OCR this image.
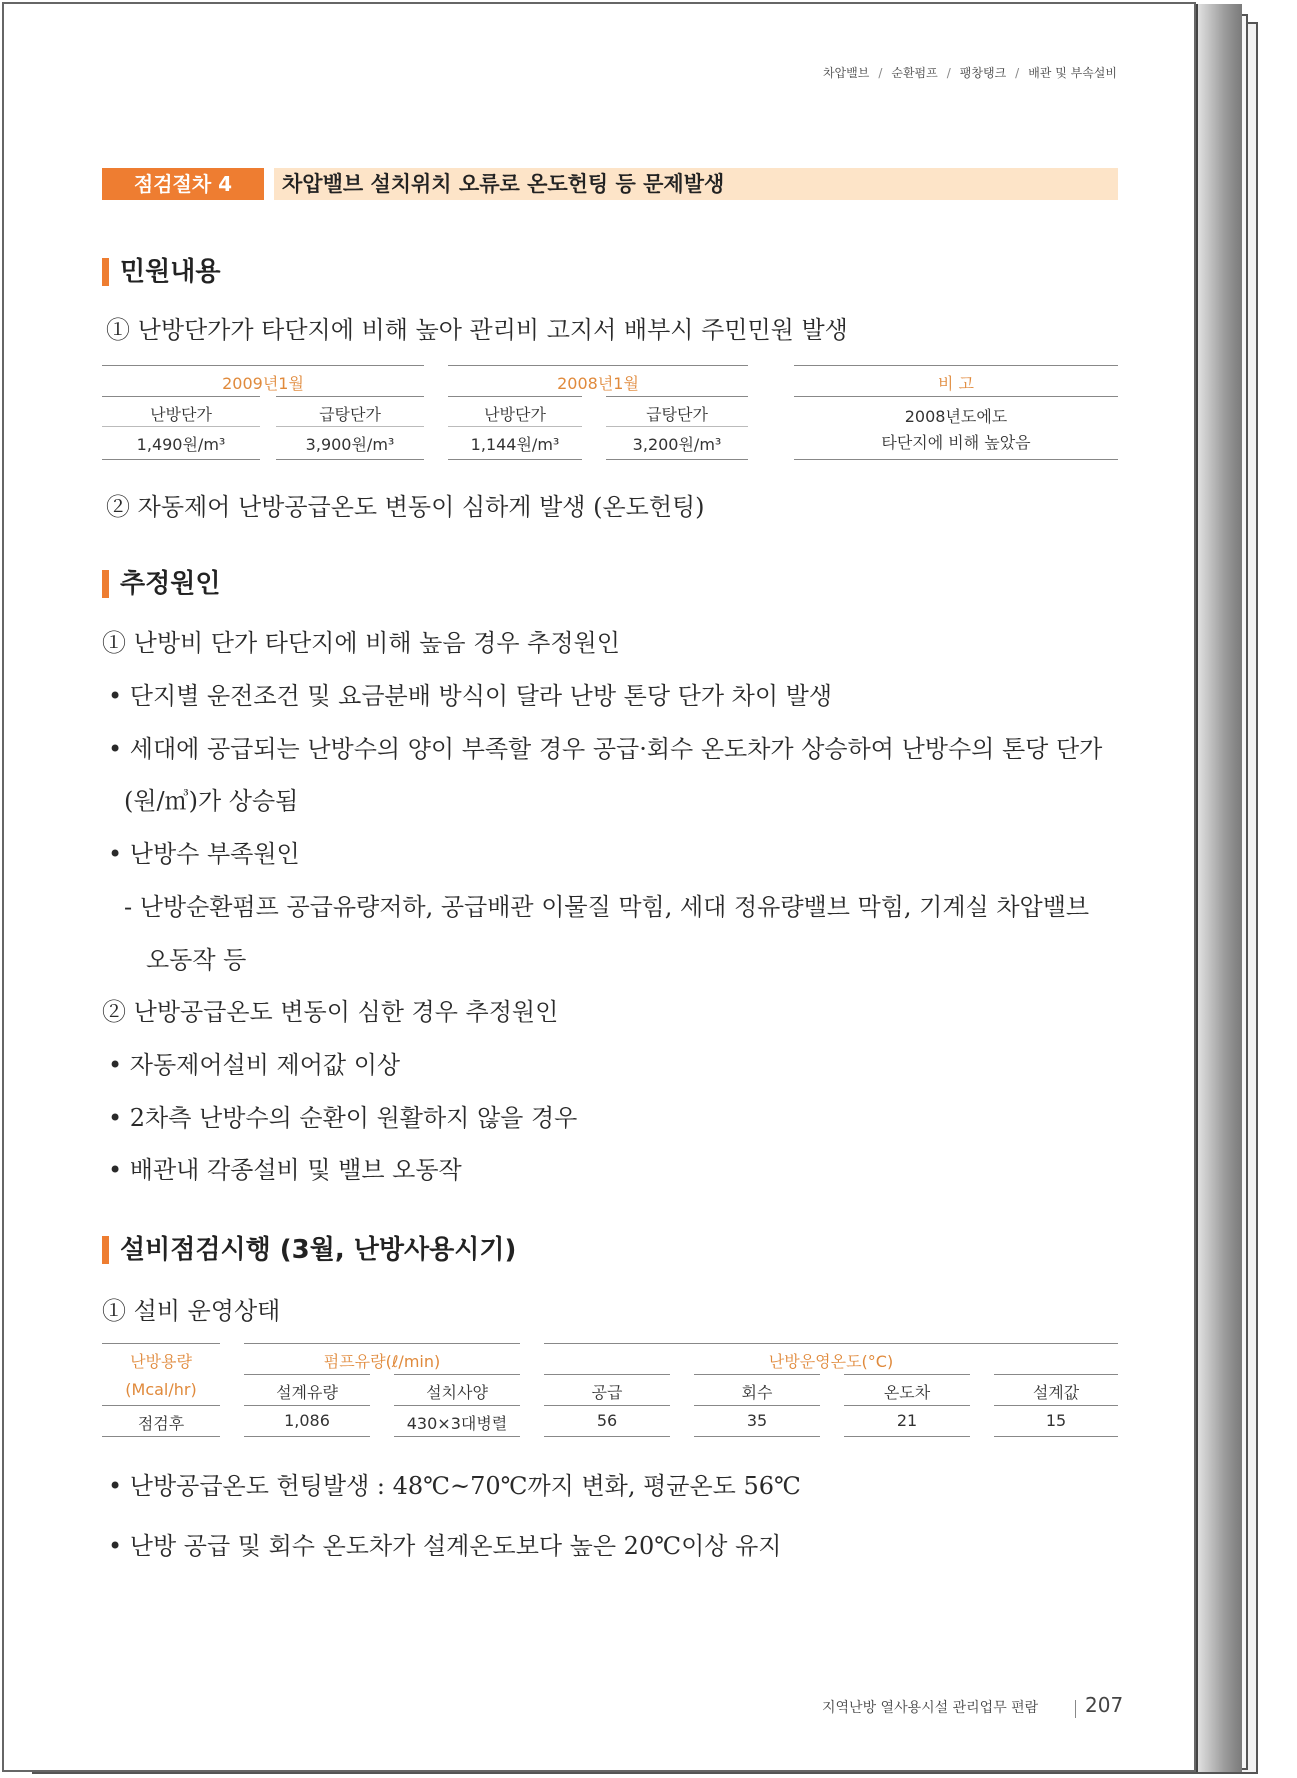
차압밸브 / 순환펌프 / 팽창탱크 / 배관 및 부속설비
점검절차 4	차압밸브 설치위치 오류로 온도헌팅 등 문제발생
민원내용
① 난방단가가 타단지에 비해 높아 관리비 고지서 배부시 주민민원 발생
2009년1월	2008년1월	비 고
난방단가	급탕단가	난방단가	급탕단가	2008년도에도
1,490원/m³	3,900원/m³	1,144원/m³	3,200원/m³	타단지에 비해 높았음
② 자동제어 난방공급온도 변동이 심하게 발생 (온도헌팅)
추정원인
① 난방비 단가 타단지에 비해 높음 경우 추정원인
• 단지별 운전조건 및 요금분배 방식이 달라 난방 톤당 단가 차이 발생
• 세대에 공급되는 난방수의 양이 부족할 경우 공급·회수 온도차가 상승하여 난방수의 톤당 단가
(원/㎥)가 상승됨
• 난방수 부족원인
- 난방순환펌프 공급유량저하, 공급배관 이물질 막힘, 세대 정유량밸브 막힘, 기계실 차압밸브
오동작 등
② 난방공급온도 변동이 심한 경우 추정원인
• 자동제어설비 제어값 이상
• 2차측 난방수의 순환이 원활하지 않을 경우
• 배관내 각종설비 및 밸브 오동작
설비점검시행 (3월, 난방사용시기)
① 설비 운영상태
난방용량	펌프유량(ℓ/min)	난방운영온도(°C)
(Mcal/hr)	설계유량	설치사양	공급	회수	온도차	설계값
점검후	1,086	430×3대병렬	56	35	21	15
• 난방공급온도 헌팅발생 : 48℃~70℃까지 변화, 평균온도 56℃
• 난방 공급 및 회수 온도차가 설계온도보다 높은 20℃이상 유지
지역난방 열사용시설 관리업무 편람 207
